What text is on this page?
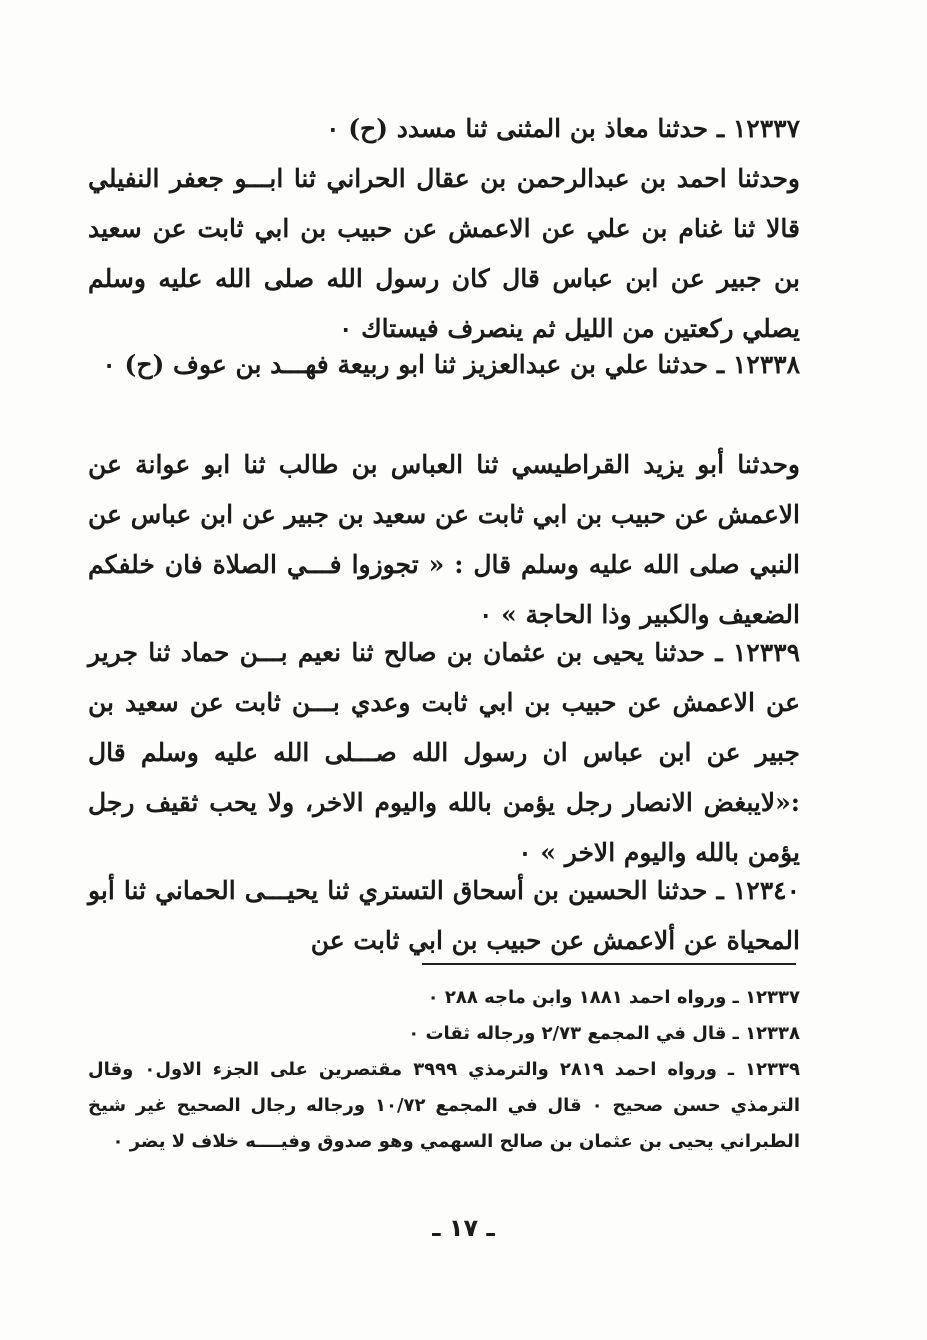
١٢٣٣٧ ـ حدثنا معاذ بن المثنى ثنا مسدد (ح) ٠

وحدثنا احمد بن عبدالرحمن بن عقال الحراني ثنا ابـــو جعفر النفيلي قالا ثنا غنام بن علي عن الاعمش عن حبيب بن ابي ثابت عن سعيد بن جبير عن ابن عباس قال كان رسول الله صلى الله عليه وسلم يصلي ركعتين من الليل ثم ينصرف فيستاك ٠

١٢٣٣٨ ـ حدثنا علي بن عبدالعزيز ثنا ابو ربيعة فهـــد بن عوف (ح) ٠

وحدثنا أبو يزيد القراطيسي ثنا العباس بن طالب ثنا ابو عوانة عن الاعمش عن حبيب بن ابي ثابت عن سعيد بن جبير عن ابن عباس عن النبي صلى الله عليه وسلم قال : « تجوزوا فـــي الصلاة فان خلفكم الضعيف والكبير وذا الحاجة » ٠

١٢٣٣٩ ـ حدثنا يحيى بن عثمان بن صالح ثنا نعيم بـــن حماد ثنا جرير عن الاعمش عن حبيب بن ابي ثابت وعدي بـــن ثابت عن سعيد بن جبير عن ابن عباس ان رسول الله صـــلى الله عليه وسلم قال :«لايبغض الانصار رجل يؤمن بالله واليوم الاخر، ولا يحب ثقيف رجل يؤمن بالله واليوم الاخر » ٠

١٢٣٤٠ ـ حدثنا الحسين بن أسحاق التستري ثنا يحيـــى الحماني ثنا أبو المحياة عن ألاعمش عن حبيب بن ابي ثابت عن

١٢٣٣٧ ـ ورواه احمد ١٨٨١ وابن ماجه ٢٨٨ ٠

١٢٣٣٨ ـ قال في المجمع ٢/٧٣ ورجاله ثقات ٠

١٢٣٣٩ ـ ورواه احمد ٢٨١٩ والترمذي ٣٩٩٩ مقتصرين على الجزء الاول٠ وقال الترمذي حسن صحيح ٠ قال في المجمع ١٠/٧٢ ورجاله رجال الصحيح غير شيخ الطبراني يحيى بن عثمان بن صالح السهمي وهو صدوق وفيــــه خلاف لا يضر ٠

ـ ١٧ ـ
